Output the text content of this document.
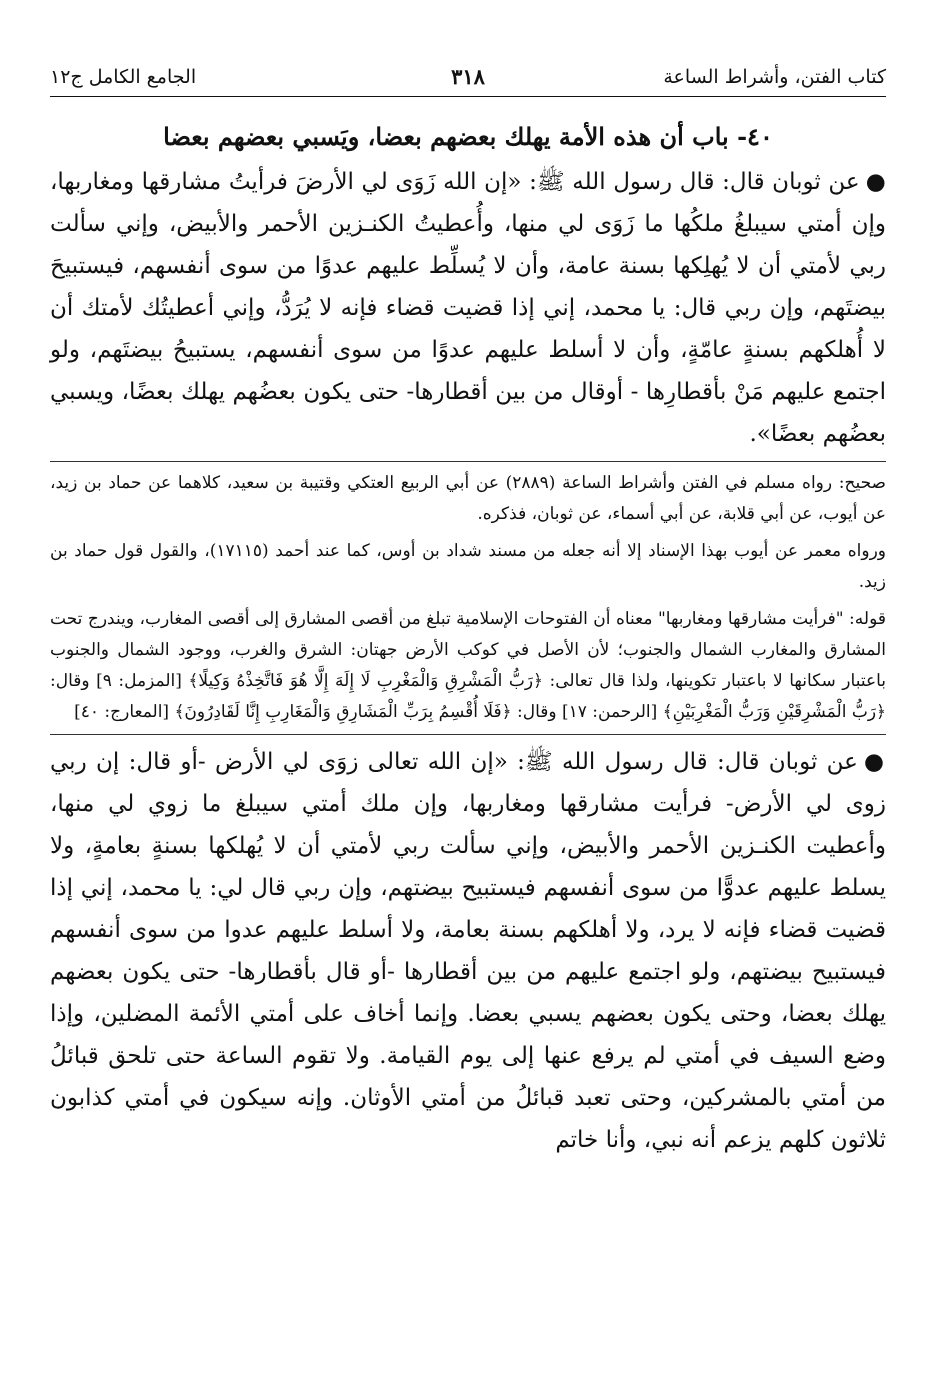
كتاب الفتن، وأشراط الساعة
٣١٨
الجامع الكامل ج١٢
٤٠- باب أن هذه الأمة يهلك بعضهم بعضا، ويَسبي بعضهم بعضا

●عن ثوبان قال: قال رسول الله ﷺ: «إن الله زَوَى لي الأرضَ فرأيتُ مشارقها ومغاربها، وإن أمتي سيبلغُ ملكُها ما زَوَى لي منها، وأُعطيتُ الكنـزين الأحمر والأبيض، وإني سألت ربي لأمتي أن لا يُهلِكها بسنة عامة، وأن لا يُسلِّط عليهم عدوًا من سوى أنفسهم، فيستبيحَ بيضتَهم، وإن ربي قال: يا محمد، إني إذا قضيت قضاء فإنه لا يُرَدُّ، وإني أعطيتُك لأمتك أن لا أُهلكهم بسنةٍ عامّةٍ، وأن لا أسلط عليهم عدوًا من سوى أنفسهم، يستبيحُ بيضتَهم، ولو اجتمع عليهم مَنْ بأقطارِها - أوقال من بين أقطارها- حتى يكون بعضُهم يهلك بعضًا، ويسبي بعضُهم بعضًا».

صحيح: رواه مسلم في الفتن وأشراط الساعة (٢٨٨٩) عن أبي الربيع العتكي وقتيبة بن سعيد، كلاهما عن حماد بن زيد، عن أيوب، عن أبي قلابة، عن أبي أسماء، عن ثوبان، فذكره.

ورواه معمر عن أيوب بهذا الإسناد إلا أنه جعله من مسند شداد بن أوس، كما عند أحمد (١٧١١٥)، والقول قول حماد بن زيد.

قوله: "فرأيت مشارقها ومغاربها" معناه أن الفتوحات الإسلامية تبلغ من أقصى المشارق إلى أقصى المغارب، ويندرج تحت المشارق والمغارب الشمال والجنوب؛ لأن الأصل في كوكب الأرض جهتان: الشرق والغرب، ووجود الشمال والجنوب باعتبار سكانها لا باعتبار تكوينها، ولذا قال تعالى: ﴿رَبُّ الْمَشْرِقِ وَالْمَغْرِبِ لَا إِلَهَ إِلَّا هُوَ فَاتَّخِذْهُ وَكِيلًا﴾ [المزمل: ٩] وقال: ﴿رَبُّ الْمَشْرِقَيْنِ وَرَبُّ الْمَغْرِبَيْنِ﴾ [الرحمن: ١٧] وقال: ﴿فَلَا أُقْسِمُ بِرَبِّ الْمَشَارِقِ وَالْمَغَارِبِ إِنَّا لَقَادِرُونَ﴾ [المعارج: ٤٠]

●عن ثوبان قال: قال رسول الله ﷺ: «إن الله تعالى زوَى لي الأرض -أو قال: إن ربي زوى لي الأرض- فرأيت مشارقها ومغاربها، وإن ملك أمتي سيبلغ ما زوي لي منها، وأعطيت الكنـزين الأحمر والأبيض، وإني سألت ربي لأمتي أن لا يُهلكها بسنةٍ بعامةٍ، ولا يسلط عليهم عدوًّا من سوى أنفسهم فيستبيح بيضتهم، وإن ربي قال لي: يا محمد، إني إذا قضيت قضاء فإنه لا يرد، ولا أهلكهم بسنة بعامة، ولا أسلط عليهم عدوا من سوى أنفسهم فيستبيح بيضتهم، ولو اجتمع عليهم من بين أقطارها -أو قال بأقطارها- حتى يكون بعضهم يهلك بعضا، وحتى يكون بعضهم يسبي بعضا. وإنما أخاف على أمتي الأئمة المضلين، وإذا وضع السيف في أمتي لم يرفع عنها إلى يوم القيامة. ولا تقوم الساعة حتى تلحق قبائلُ من أمتي بالمشركين، وحتى تعبد قبائلُ من أمتي الأوثان. وإنه سيكون في أمتي كذابون ثلاثون كلهم يزعم أنه نبي، وأنا خاتم
